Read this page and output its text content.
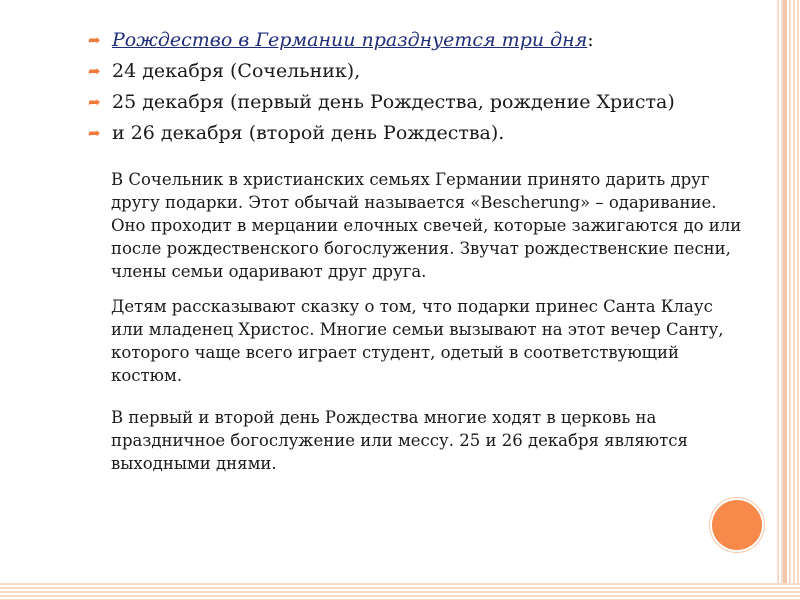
➦ Рождество в Германии празднуется три дня:
➦ 24 декабря (Сочельник),
➦ 25 декабря (первый день Рождества, рождение Христа)
➦ и 26 декабря (второй день Рождества).
В Сочельник в христианских семьях Германии принято дарить друг
другу подарки. Этот обычай называется «Bescherung» – одаривание.
Оно проходит в мерцании елочных свечей, которые зажигаются до или
после рождественского богослужения. Звучат рождественские песни,
члены семьи одаривают друг друга.
Детям рассказывают сказку о том, что подарки принес Санта Клаус
или младенец Христос. Многие семьи вызывают на этот вечер Санту,
которого чаще всего играет студент, одетый в соответствующий
костюм.
В первый и второй день Рождества многие ходят в церковь на
праздничное богослужение или мессу. 25 и 26 декабря являются
выходными днями.
